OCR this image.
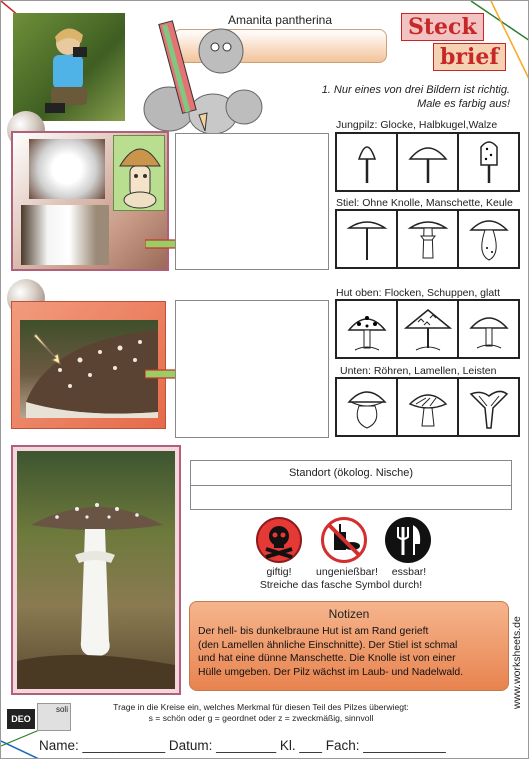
Amanita pantherina	Steck
brief
1. Nur eines von drei Bildern ist richtig.
Male es farbig aus!
Jungpilz: Glocke, Halbkugel,Walze
Stiel: Ohne Knolle, Manschette, Keule
Hut oben: Flocken, Schuppen, glatt
Unten: Röhren, Lamellen, Leisten
Standort (ökolog. Nische)
giftig!	ungenießbar!	essbar!
Streiche das fasche Symbol durch!
Notizen

Der hell- bis dunkelbraune Hut ist am Rand gerieft
(den Lamellen ähnliche Einschnitte). Der Stiel ist schmal
und hat eine dünne Manschette. Die Knolle ist von einer
Hülle umgeben. Der Pilz wächst im Laub- und Nadelwald.	www.worksheets.de
DEO
soli	Trage in die Kreise ein, welches Merkmal für diesen Teil des Pilzes überwiegt:
s = schön oder g = geordnet oder z = zweckmäßig, sinnvoll
Name: ___________ Datum: ________ Kl. ___ Fach: ___________
